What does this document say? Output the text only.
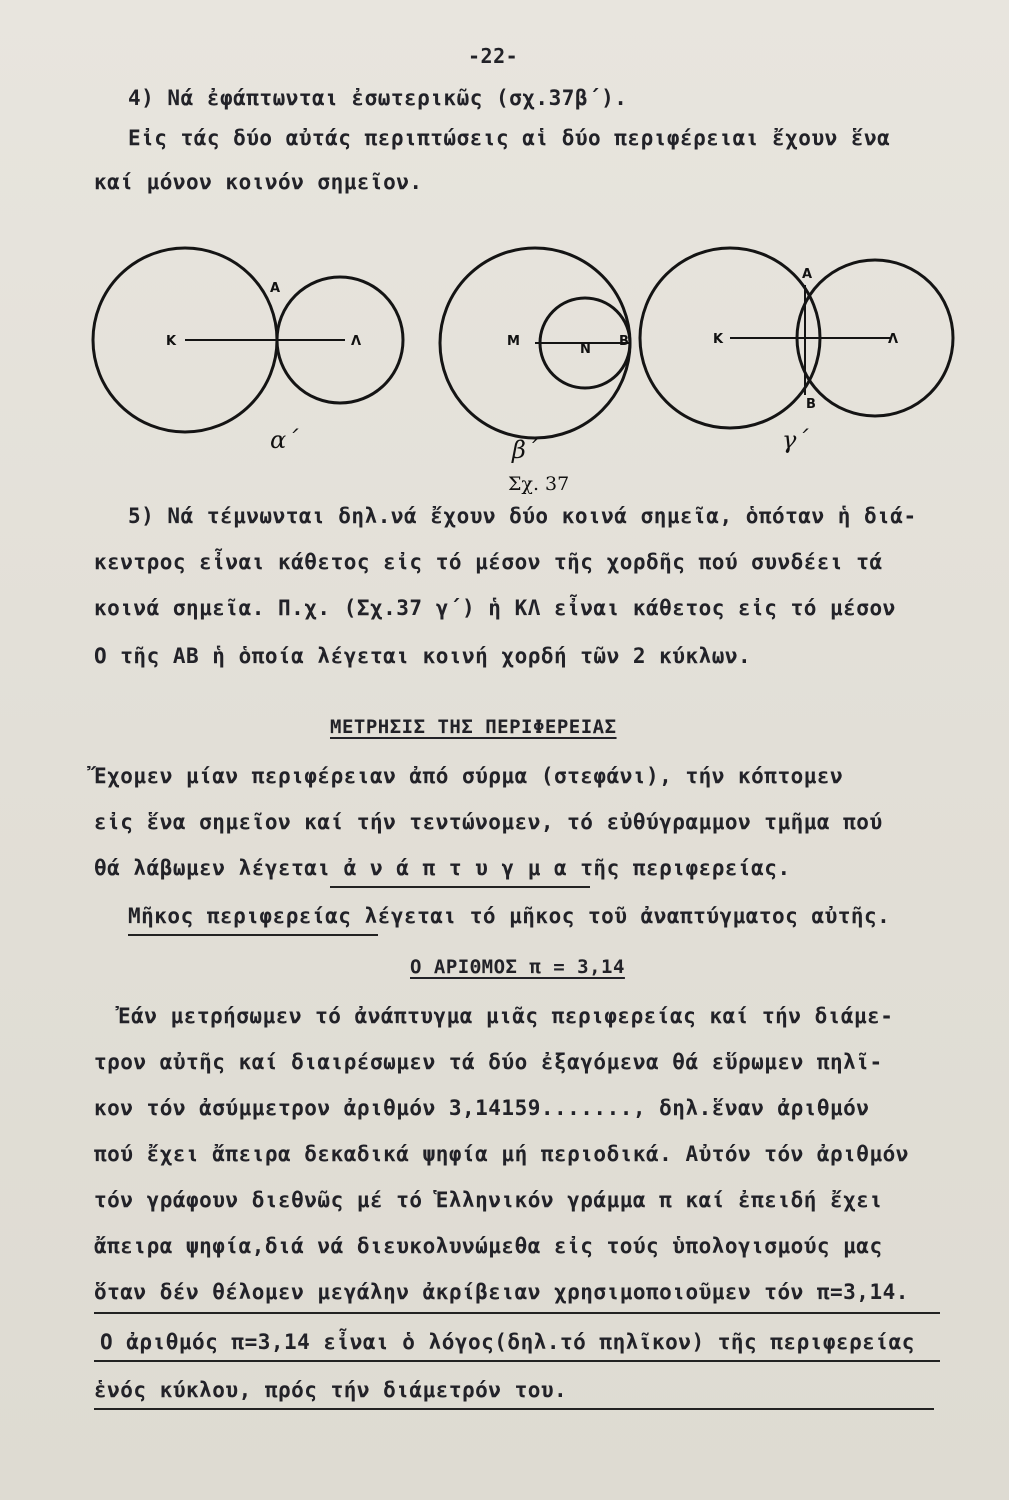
-22-
4) Νά ἐφάπτωνται ἐσωτερικῶς (σχ.37β΄).
Εἰς τάς δύο αὐτάς περιπτώσεις αἱ δύο περιφέρειαι ἔχουν ἕνα
καί μόνον κοινόν σημεῖον.
K
A
Λ	M
N
B	K
A
B
Λ
α΄	β΄	γ΄
Σχ. 37
5) Νά τέμνωνται δηλ.νά ἔχουν δύο κοινά σημεῖα, ὁπόταν ἡ διά-
κεντρος εἶναι κάθετος εἰς τό μέσον τῆς χορδῆς πού συνδέει τά
κοινά σημεῖα. Π.χ. (Σχ.37 γ΄) ἡ ΚΛ εἶναι κάθετος εἰς τό μέσον
Ο τῆς ΑΒ ἡ ὁποία λέγεται κοινή χορδή τῶν 2 κύκλων.
ΜΕΤΡΗΣΙΣ ΤΗΣ ΠΕΡΙΦΕΡΕΙΑΣ
Ἔχομεν μίαν περιφέρειαν ἀπό σύρμα (στεφάνι), τήν κόπτομεν
εἰς ἕνα σημεῖον καί τήν τεντώνομεν, τό εὐθύγραμμον τμῆμα πού
θά λάβωμεν λέγεται ἀ ν ά π τ υ γ μ α τῆς περιφερείας.
Μῆκος περιφερείας λέγεται τό μῆκος τοῦ ἀναπτύγματος αὐτῆς.
Ο ΑΡΙΘΜΟΣ π = 3,14
Ἐάν μετρήσωμεν τό ἀνάπτυγμα μιᾶς περιφερείας καί τήν διάμε-
τρον αὐτῆς καί διαιρέσωμεν τά δύο ἐξαγόμενα θά εὕρωμεν πηλῖ-
κον τόν ἀσύμμετρον ἀριθμόν 3,14159......., δηλ.ἕναν ἀριθμόν
πού ἔχει ἄπειρα δεκαδικά ψηφία μή περιοδικά. Αὐτόν τόν ἀριθμόν
τόν γράφουν διεθνῶς μέ τό Ἑλληνικόν γράμμα π καί ἐπειδή ἔχει
ἄπειρα ψηφία,διά νά διευκολυνώμεθα εἰς τούς ὑπολογισμούς μας
ὅταν δέν θέλομεν μεγάλην ἀκρίβειαν χρησιμοποιοῦμεν τόν π=3,14.
Ο ἀριθμός π=3,14 εἶναι ὁ λόγος(δηλ.τό πηλῖκον) τῆς περιφερείας
ἑνός κύκλου, πρός τήν διάμετρόν του.
